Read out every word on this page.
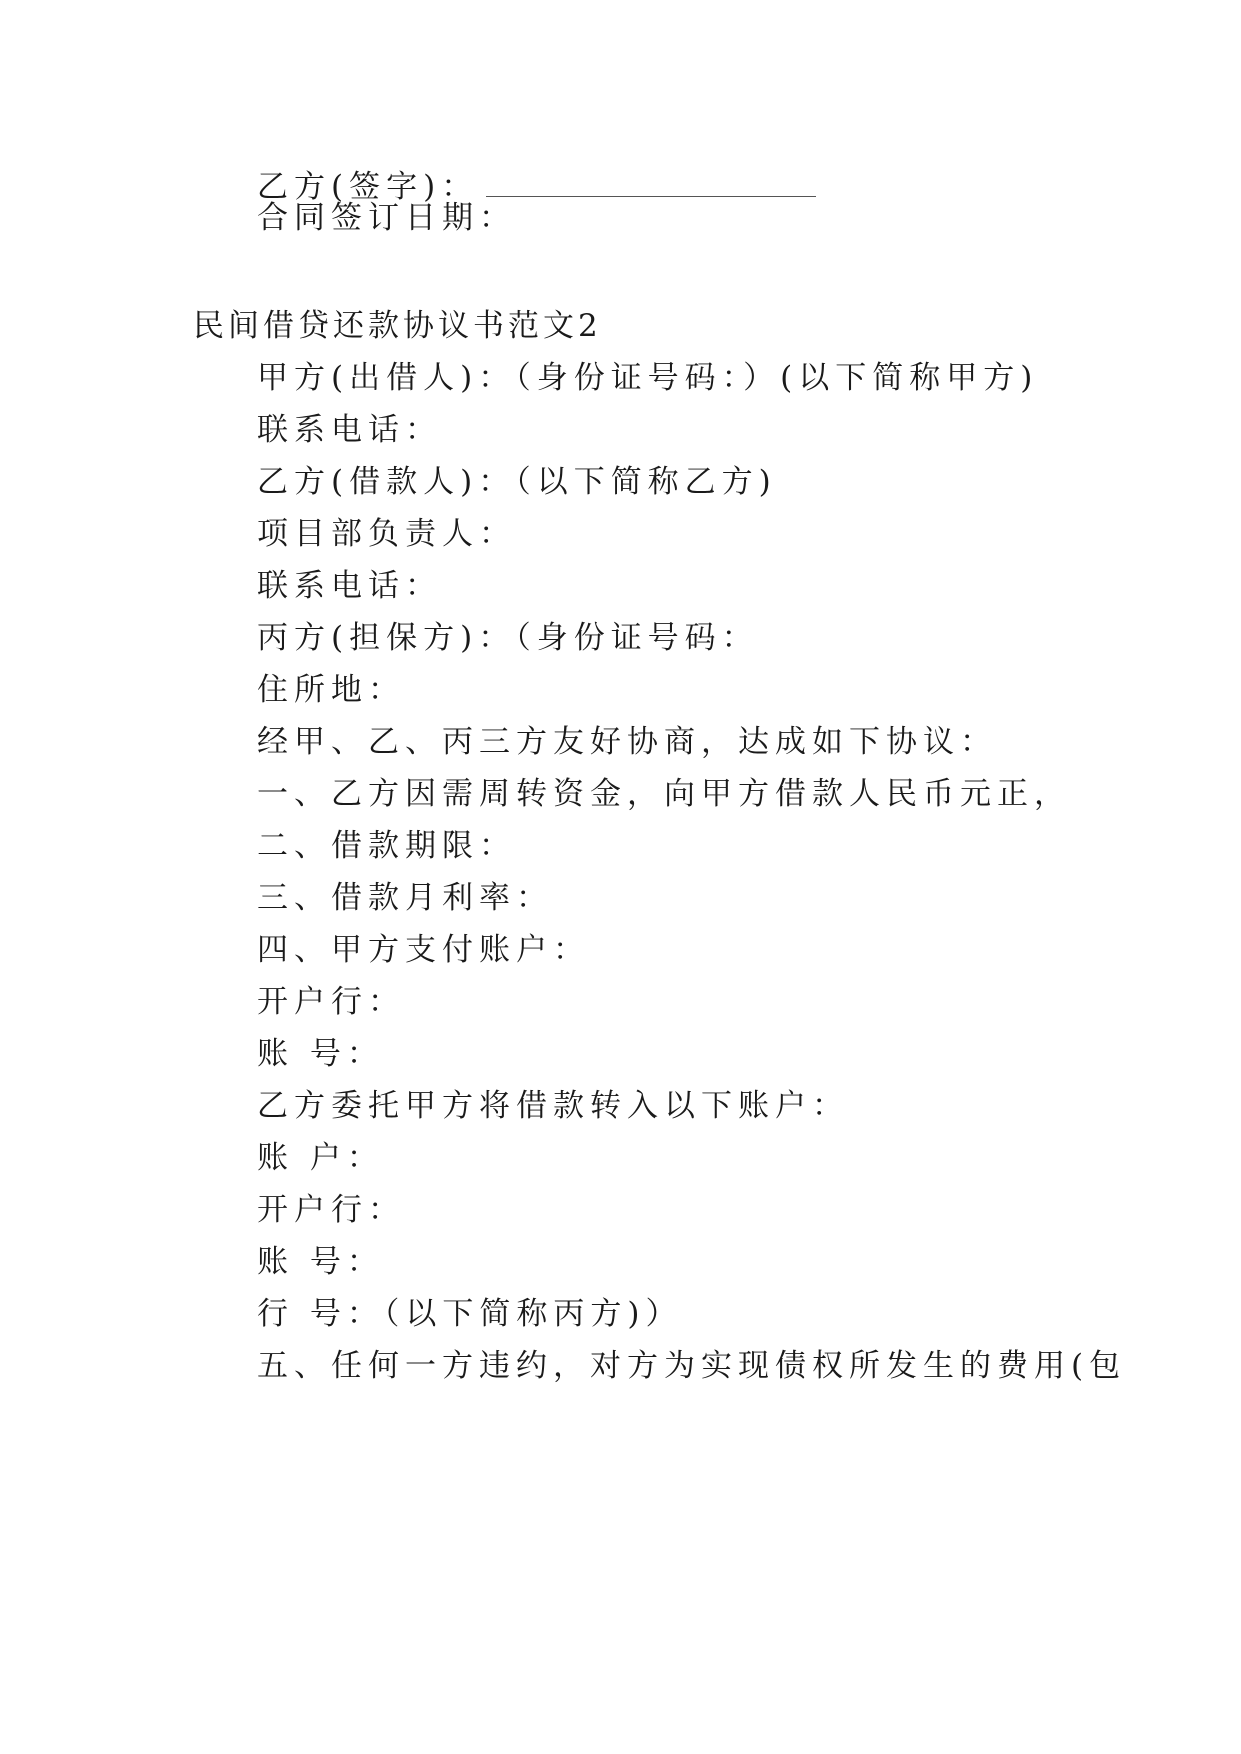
乙方(签字)：
合同签订日期：
民间借贷还款协议书范文2
甲方(出借人)：（身份证号码：）(以下简称甲方)
联系电话：
乙方(借款人)：（以下简称乙方)
项目部负责人：
联系电话：
丙方(担保方)：（身份证号码：
住所地：
经甲、乙、丙三方友好协商，达成如下协议：
一、乙方因需周转资金，向甲方借款人民币元正，
二、借款期限：
三、借款月利率：
四、甲方支付账户：
开户行：
账 号：
乙方委托甲方将借款转入以下账户：
账 户：
开户行：
账 号：
行 号：（以下简称丙方)）
五、任何一方违约，对方为实现债权所发生的费用(包
